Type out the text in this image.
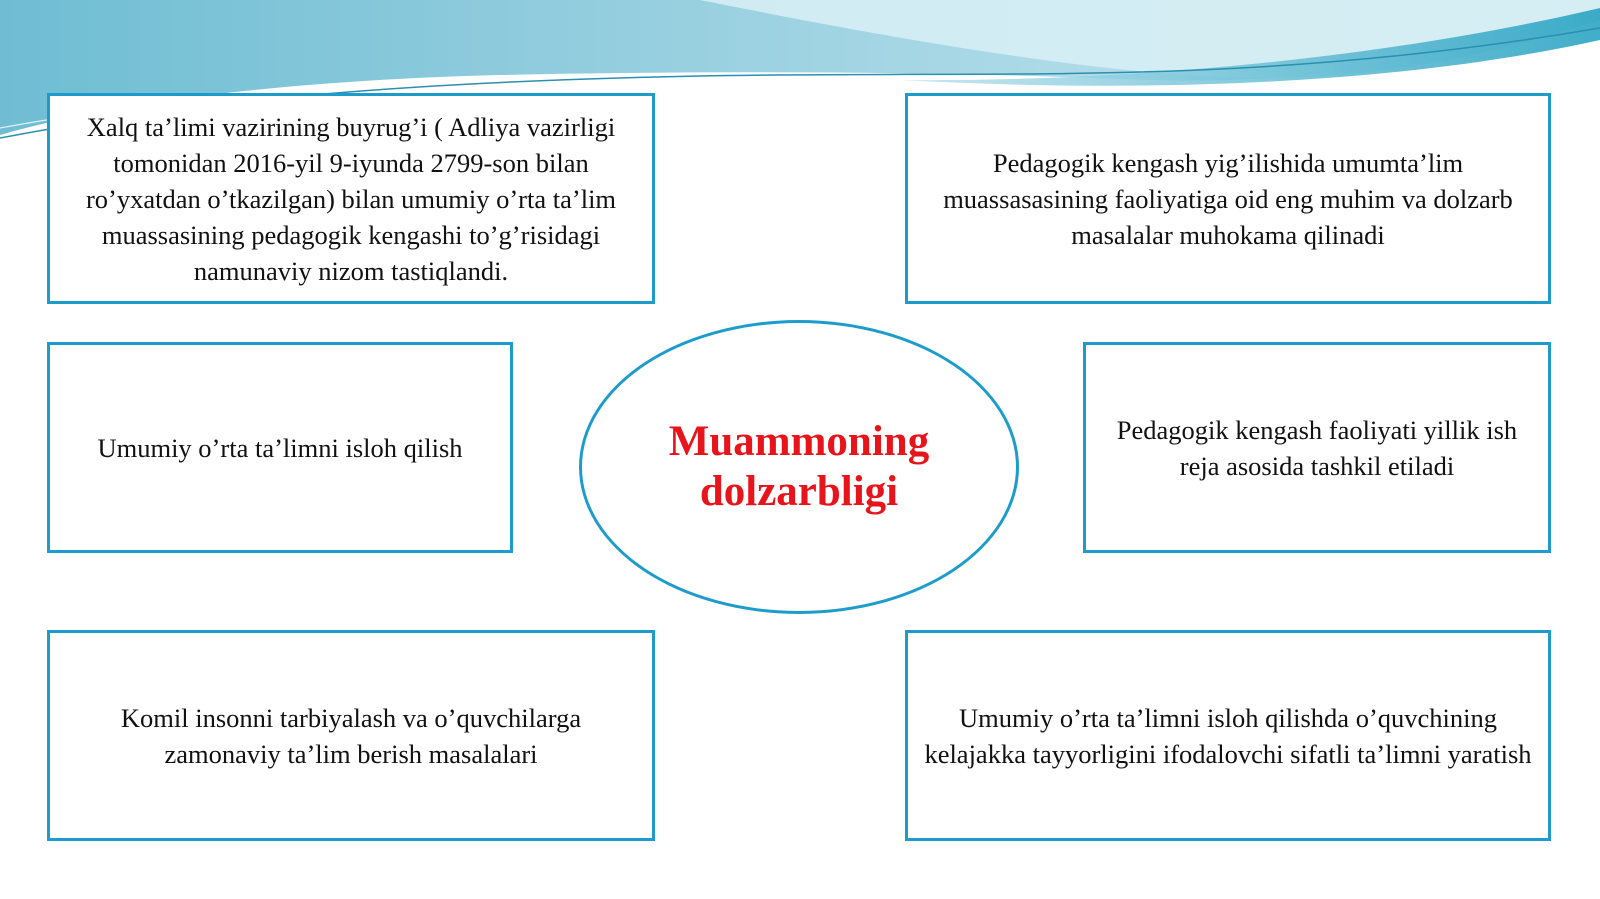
Xalq ta’limi vazirining buyrug’i ( Adliya vazirligi tomonidan 2016-yil 9-iyunda 2799-son bilan ro’yxatdan o’tkazilgan) bilan umumiy o’rta ta’lim muassasining pedagogik kengashi to’g’risidagi namunaviy nizom tastiqlandi.
Pedagogik kengash yig’ilishida umumta’lim muassasasining faoliyatiga oid eng muhim va dolzarb masalalar muhokama qilinadi
Umumiy o’rta ta’limni isloh qilish
Pedagogik kengash faoliyati yillik ish reja asosida tashkil etiladi
Komil insonni tarbiyalash va o’quvchilarga zamonaviy ta’lim berish masalalari
Umumiy o’rta ta’limni isloh qilishda o’quvchining kelajakka tayyorligini ifodalovchi sifatli ta’limni yaratish
Muammoning dolzarbligi
